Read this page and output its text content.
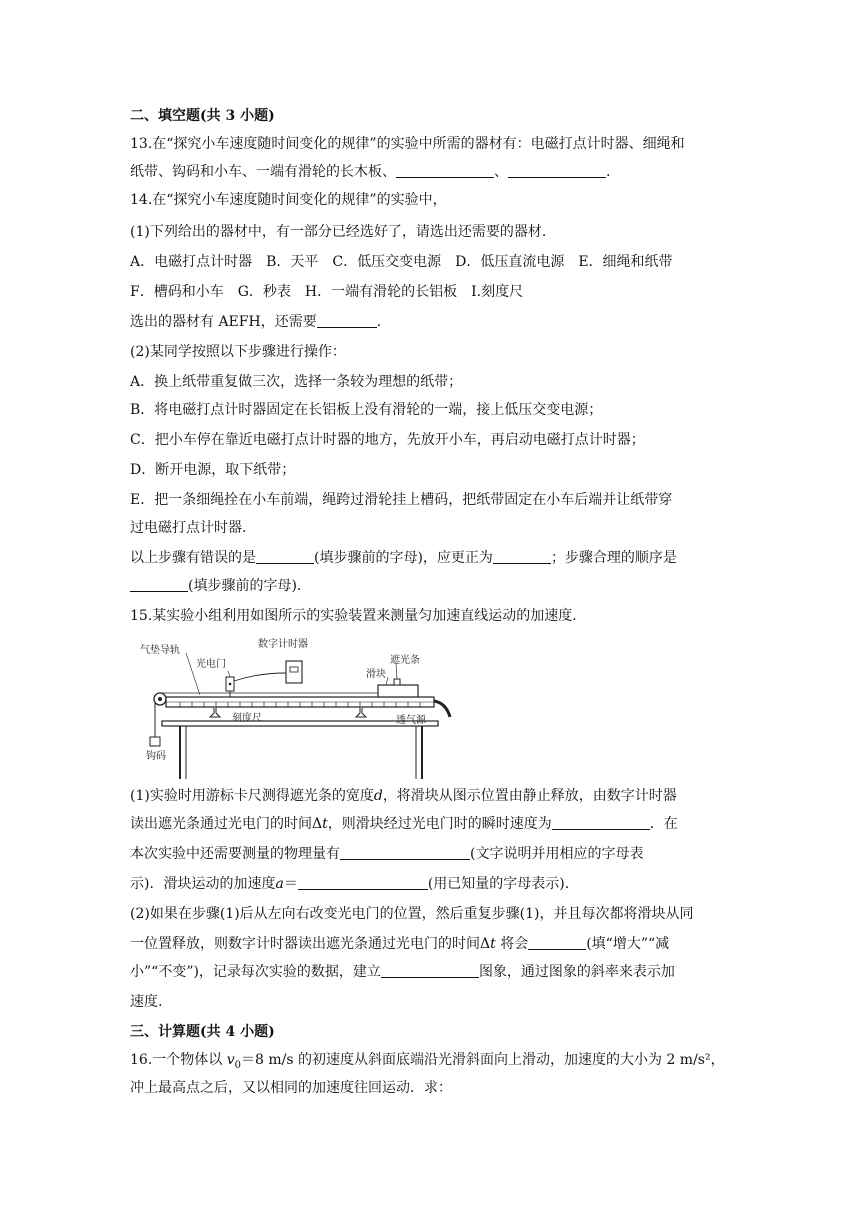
二、填空题(共 3 小题)
13.在“探究小车速度随时间变化的规律”的实验中所需的器材有：电磁打点计时器、细绳和
纸带、钩码和小车、一端有滑轮的长木板、	、	.
14.在“探究小车速度随时间变化的规律”的实验中，
(1)下列给出的器材中，有一部分已经选好了，请选出还需要的器材.
A．电磁打点计时器　B．天平　C．低压交变电源　D．低压直流电源　E．细绳和纸带
F．槽码和小车　G．秒表　H．一端有滑轮的长铝板　I.刻度尺
选出的器材有 AEFH，还需要	.
(2)某同学按照以下步骤进行操作：
A．换上纸带重复做三次，选择一条较为理想的纸带；
B．将电磁打点计时器固定在长铝板上没有滑轮的一端，接上低压交变电源；
C．把小车停在靠近电磁打点计时器的地方，先放开小车，再启动电磁打点计时器；
D．断开电源，取下纸带；
E．把一条细绳拴在小车前端，绳跨过滑轮挂上槽码，把纸带固定在小车后端并让纸带穿
过电磁打点计时器.
以上步骤有错误的是	(填步骤前的字母)，应更正为	；步骤合理的顺序是
(填步骤前的字母).
15.某实验小组利用如图所示的实验装置来测量匀加速直线运动的加速度.
气垫导轨
光电门
数字计时器
遮光条
滑块
刻度尺	透气源
钩码
(1)实验时用游标卡尺测得遮光条的宽度d，将滑块从图示位置由静止释放，由数字计时器
读出遮光条通过光电门的时间Δt，则滑块经过光电门时的瞬时速度为	．在
本次实验中还需要测量的物理量有	(文字说明并用相应的字母表
示)．滑块运动的加速度a＝	(用已知量的字母表示).
(2)如果在步骤(1)后从左向右改变光电门的位置，然后重复步骤(1)，并且每次都将滑块从同
一位置释放，则数字计时器读出遮光条通过光电门的时间Δt 将会	(填“增大”“减
小”“不变”)，记录每次实验的数据，建立	图象，通过图象的斜率来表示加
速度.
三、计算题(共 4 小题)
16.一个物体以 $v_0=8$ m/s 的初速度从斜面底端沿光滑斜面向上滑动，加速度的大小为 2 m/s²，
冲上最高点之后，又以相同的加速度往回运动．求：
